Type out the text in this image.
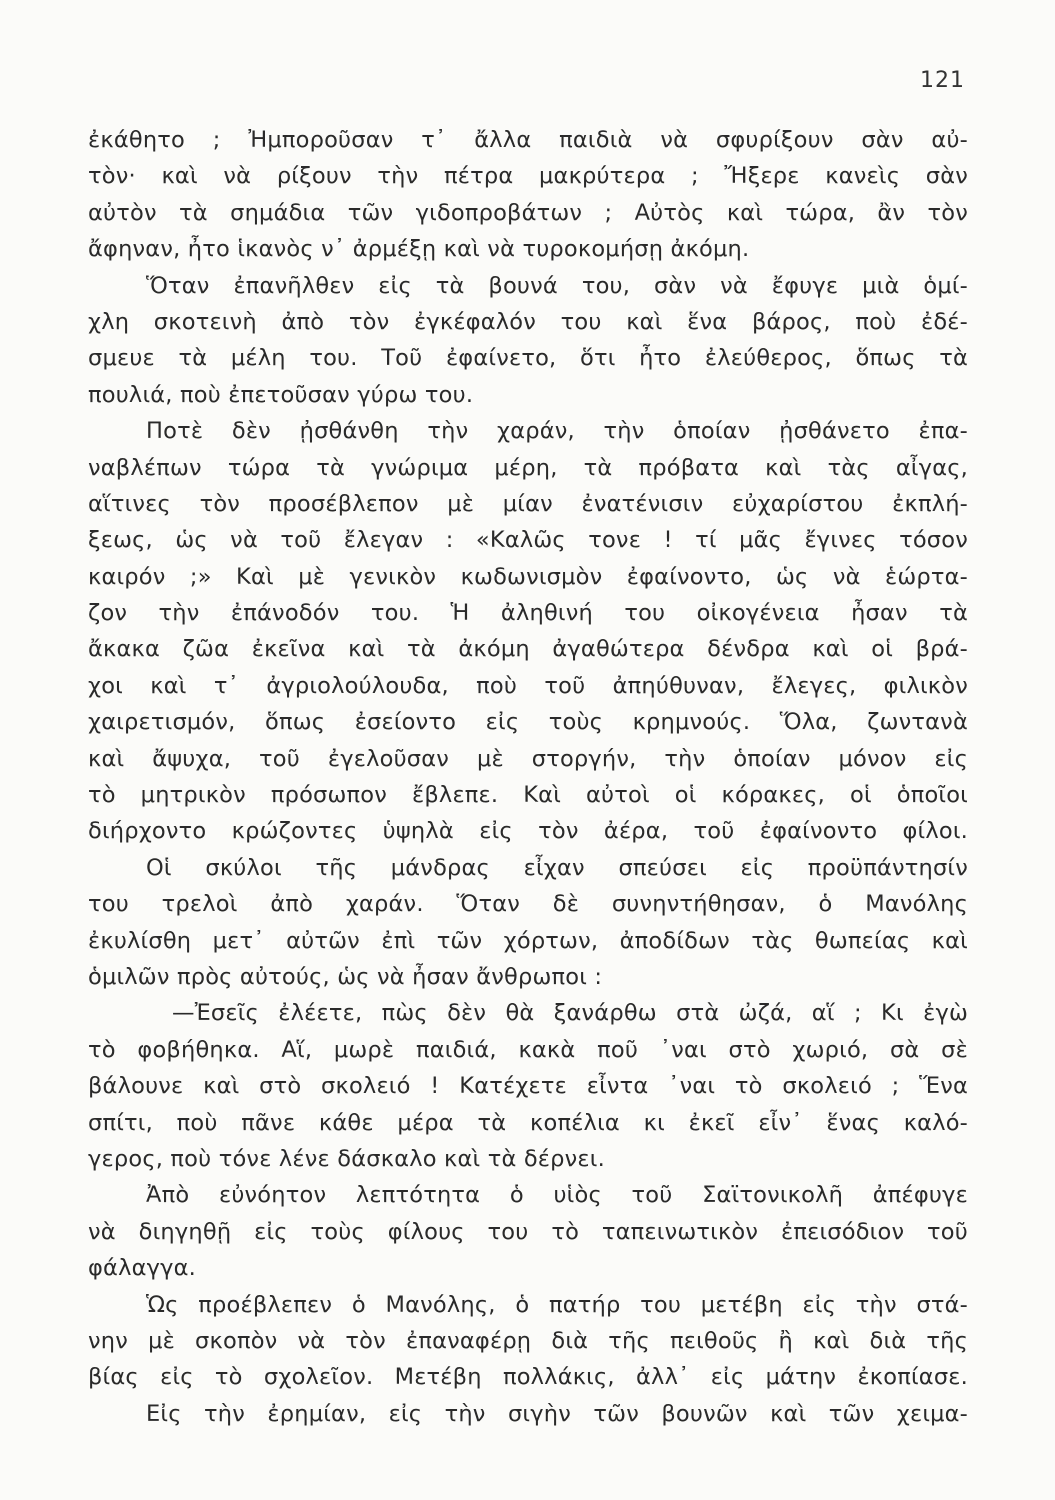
121
ἐκάθητο ; Ἠμποροῦσαν τ᾽ ἄλλα παιδιὰ νὰ σφυρίξουν σὰν αὐ-
τὸν· καὶ νὰ ρίξουν τὴν πέτρα μακρύτερα ; Ἤξερε κανεὶς σὰν
αὐτὸν τὰ σημάδια τῶν γιδοπροβάτων ; Αὐτὸς καὶ τώρα, ἂν τὸν
ἄφηναν, ἦτο ἱκανὸς ν᾽ ἀρμέξῃ καὶ νὰ τυροκομήσῃ ἀκόμη.
Ὅταν ἐπανῆλθεν εἰς τὰ βουνά του, σὰν νὰ ἔφυγε μιὰ ὁμί-
χλη σκοτεινὴ ἀπὸ τὸν ἐγκέφαλόν του καὶ ἕνα βάρος, ποὺ ἐδέ-
σμευε τὰ μέλη του. Τοῦ ἐφαίνετο, ὅτι ἦτο ἐλεύθερος, ὅπως τὰ
πουλιά, ποὺ ἐπετοῦσαν γύρω του.
Ποτὲ δὲν ᾐσθάνθη τὴν χαράν, τὴν ὁποίαν ᾐσθάνετο ἐπα-
ναβλέπων τώρα τὰ γνώριμα μέρη, τὰ πρόβατα καὶ τὰς αἶγας,
αἵτινες τὸν προσέβλεπον μὲ μίαν ἐνατένισιν εὐχαρίστου ἐκπλή-
ξεως, ὡς νὰ τοῦ ἔλεγαν : «Καλῶς τονε ! τί μᾶς ἔγινες τόσον
καιρόν ;» Καὶ μὲ γενικὸν κωδωνισμὸν ἐφαίνοντο, ὡς νὰ ἑώρτα-
ζον τὴν ἐπάνοδόν του. Ἡ ἀληθινή του οἰκογένεια ἦσαν τὰ
ἄκακα ζῶα ἐκεῖνα καὶ τὰ ἀκόμη ἀγαθώτερα δένδρα καὶ οἱ βρά-
χοι καὶ τ᾽ ἀγριολούλουδα, ποὺ τοῦ ἀπηύθυναν, ἔλεγες, φιλικὸν
χαιρετισμόν, ὅπως ἐσείοντο εἰς τοὺς κρημνούς. Ὅλα, ζωντανὰ
καὶ ἄψυχα, τοῦ ἐγελοῦσαν μὲ στοργήν, τὴν ὁποίαν μόνον εἰς
τὸ μητρικὸν πρόσωπον ἔβλεπε. Καὶ αὐτοὶ οἱ κόρακες, οἱ ὁποῖοι
διήρχοντο κρώζοντες ὑψηλὰ εἰς τὸν ἀέρα, τοῦ ἐφαίνοντο φίλοι.
Οἱ σκύλοι τῆς μάνδρας εἶχαν σπεύσει εἰς προϋπάντησίν
του τρελοὶ ἀπὸ χαράν. Ὅταν δὲ συνηντήθησαν, ὁ Μανόλης
ἐκυλίσθη μετ᾽ αὐτῶν ἐπὶ τῶν χόρτων, ἀποδίδων τὰς θωπείας καὶ
ὁμιλῶν πρὸς αὐτούς, ὡς νὰ ἦσαν ἄνθρωποι :
—Ἐσεῖς ἐλέετε, πὼς δὲν θὰ ξανάρθω στὰ ὠζά, αἵ ; Κι ἐγὼ
τὸ φοβήθηκα. Αἵ, μωρὲ παιδιά, κακὰ ποῦ ᾽ναι στὸ χωριό, σὰ σὲ
βάλουνε καὶ στὸ σκολειό ! Κατέχετε εἶντα ᾽ναι τὸ σκολειό ; Ἕνα
σπίτι, ποὺ πᾶνε κάθε μέρα τὰ κοπέλια κι ἐκεῖ εἶν᾽ ἕνας καλό-
γερος, ποὺ τόνε λένε δάσκαλο καὶ τὰ δέρνει.
Ἀπὸ εὐνόητον λεπτότητα ὁ υἱὸς τοῦ Σαϊτονικολῆ ἀπέφυγε
νὰ διηγηθῇ εἰς τοὺς φίλους του τὸ ταπεινωτικὸν ἐπεισόδιον τοῦ
φάλαγγα.
Ὡς προέβλεπεν ὁ Μανόλης, ὁ πατήρ του μετέβη εἰς τὴν στά-
νην μὲ σκοπὸν νὰ τὸν ἐπαναφέρῃ διὰ τῆς πειθοῦς ἢ καὶ διὰ τῆς
βίας εἰς τὸ σχολεῖον. Μετέβη πολλάκις, ἀλλ᾽ εἰς μάτην ἐκοπίασε.
Εἰς τὴν ἐρημίαν, εἰς τὴν σιγὴν τῶν βουνῶν καὶ τῶν χειμα-
